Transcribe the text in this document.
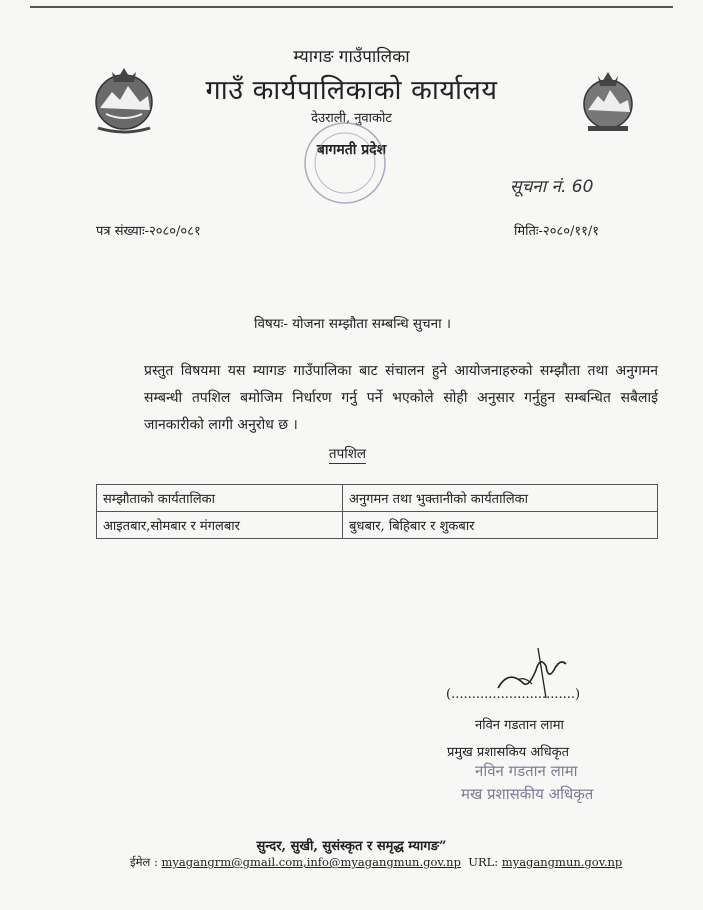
म्यागङ गाउँपालिका
गाउँ कार्यपालिकाको कार्यालय
देउराली, नुवाकोट
बागमती प्रदेश
सूचना नं. 60
पत्र संख्याः-२०८०/०८१	मितिः-२०८०/११/१
विषयः- योजना सम्झौता सम्बन्धि सुचना ।
प्रस्तुत विषयमा यस म्यागङ गाउँपालिका बाट संचालन हुने आयोजनाहरुको सम्झौता तथा अनुगमन सम्बन्धी तपशिल बमोजिम निर्धारण गर्नु पर्ने भएकोले सोही अनुसार गर्नुहुन सम्बन्धित सबैलाई जानकारीको लागी अनुरोध छ ।
तपशिल
सम्झौताको कार्यतालिका	अनुगमन तथा भुक्तानीको कार्यतालिका
आइतबार,सोमबार र मंगलबार	बुधबार, बिहिबार र शुकबार
(..............................)
नविन गडतान लामा
प्रमुख प्रशासकिय अधिकृत
नविन गडतान लामा
मख प्रशासकीय अधिकृत
सुन्दर, सुखी, सुसंस्कृत र समृद्ध म्यागङ”
ईमेल : myagangrm@gmail.com,info@myagangmun.gov.np URL: myagangmun.gov.np
